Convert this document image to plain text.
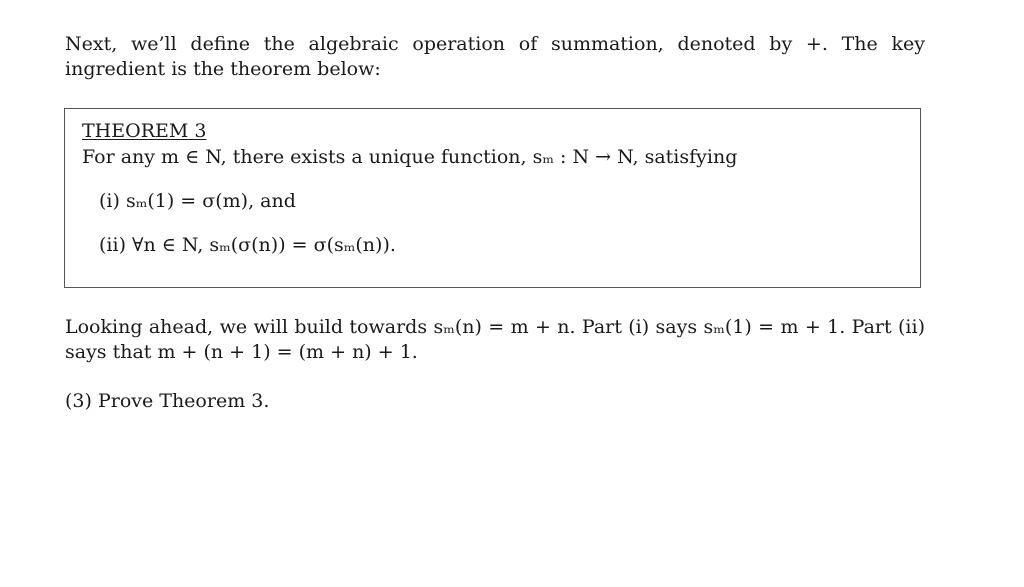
Next, we’ll define the algebraic operation of summation, denoted by +. The key ingredient is the theorem below:

THEOREM 3
For any m ∈ N, there exists a unique function, sₘ : N → N, satisfying
(i) sₘ(1) = σ(m), and
(ii) ∀n ∈ N, sₘ(σ(n)) = σ(sₘ(n)).

Looking ahead, we will build towards sₘ(n) = m + n. Part (i) says sₘ(1) = m + 1. Part (ii) says that m + (n + 1) = (m + n) + 1.

(3) Prove Theorem 3.
